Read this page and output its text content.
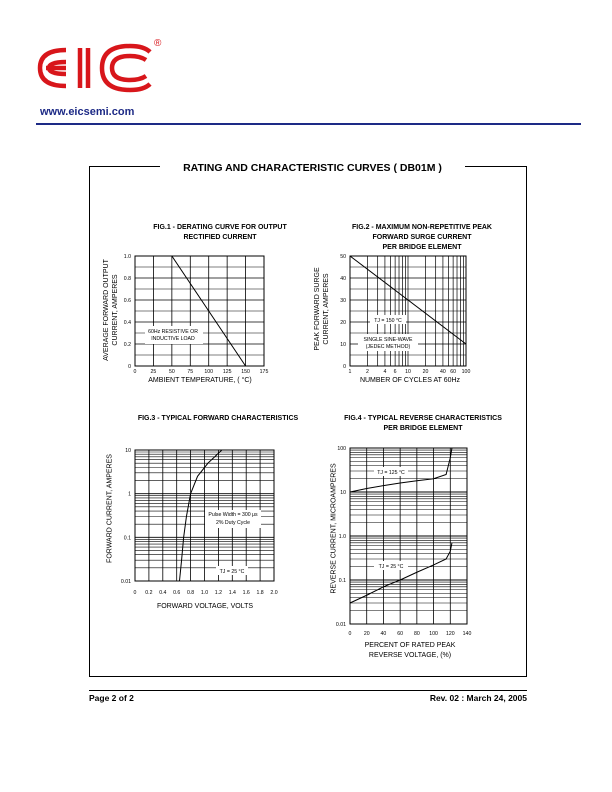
®
www.eicsemi.com
RATING AND CHARACTERISTIC CURVES ( DB01M )
FIG.1 - DERATING CURVE FOR OUTPUT
RECTIFIED CURRENT
FIG.2 - MAXIMUM NON-REPETITIVE PEAK
FORWARD SURGE CURRENT
PER BRIDGE ELEMENT
FIG.3 - TYPICAL FORWARD CHARACTERISTICS	FIG.4 - TYPICAL REVERSE CHARACTERISTICS
PER BRIDGE ELEMENT
AVERAGE FORWARD OUTPUT CURRENT, AMPERES	PEAK FORWARD SURGE CURRENT, AMPERES
FORWARD CURRENT, AMPERES	REVERSE CURRENT, MICROAMPERES
AMBIENT TEMPERATURE, ( °C)	NUMBER OF CYCLES AT 60Hz
FORWARD VOLTAGE, VOLTS
PERCENT OF RATED PEAK
REVERSE VOLTAGE, (%)
0	25 50 75 100 125 150 175
0
0.2
0.4
0.6
0.8
1.0
60Hz RESISTIVE OR
INDUCTIVE LOAD
1	2	4 6 10 20 40 60 100
0
10
20
30
40
50
TJ = 150 °C
SINGLE SINE-WAVE
(JEDEC METHOD)
0 0.2 0.4 0.6 0.8 1.0 1.2 1.4 1.6 1.8 2.0
10
1
0.1
0.01
Pulse Width = 300 μs
2% Duty Cycle
TJ = 25 °C
0 20 40 60 80 100 120 140
100
10
1.0
0.1
0.01
TJ = 125 °C
TJ = 25 °C
Page 2 of 2	Rev. 02 : March 24, 2005
